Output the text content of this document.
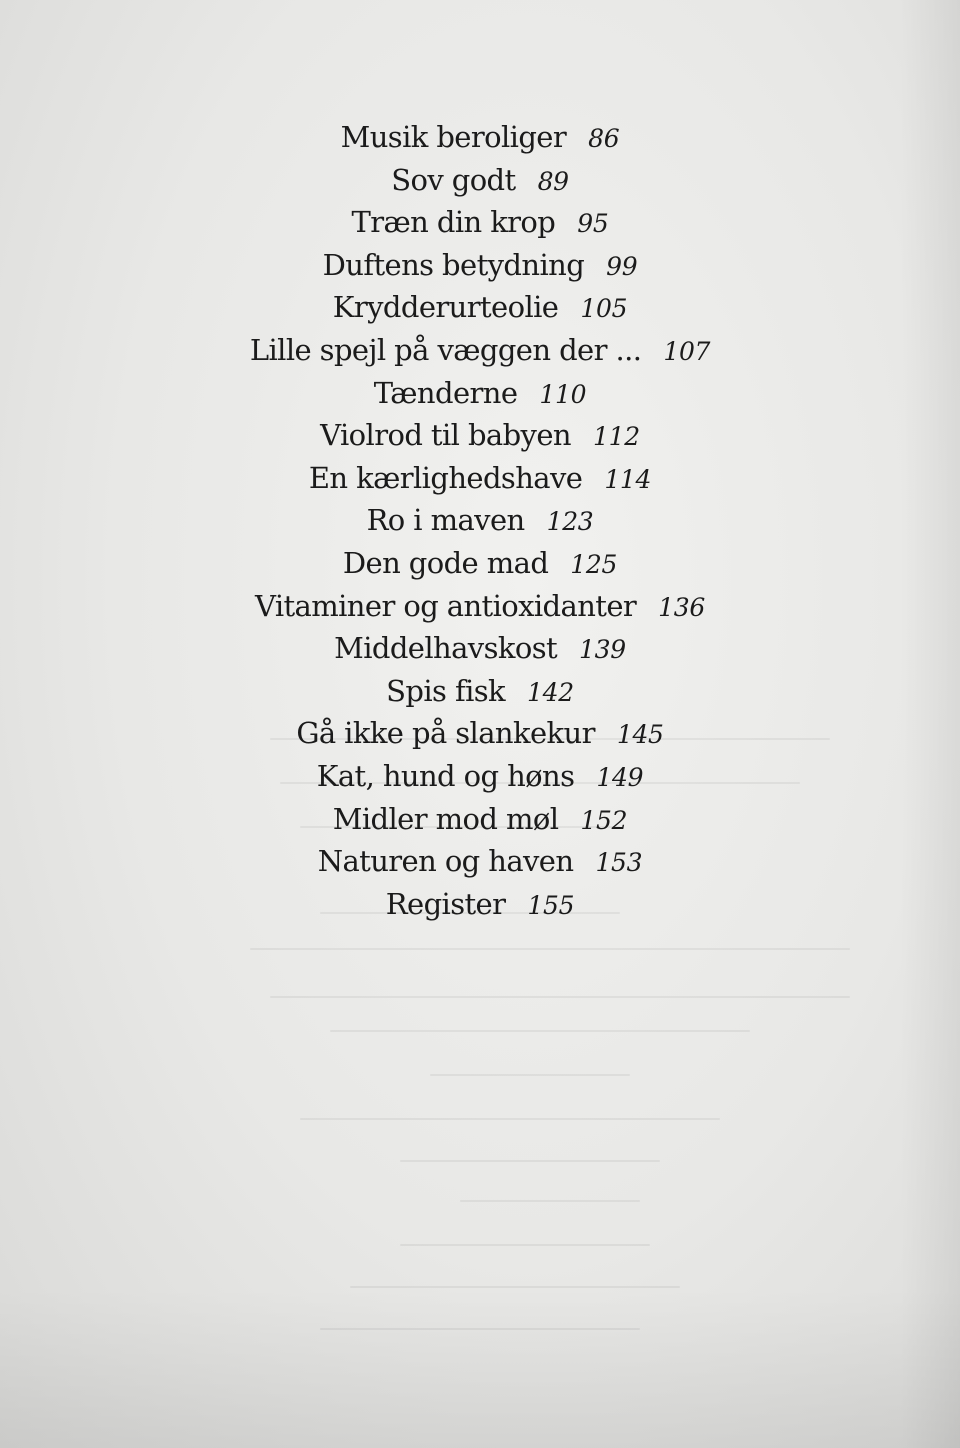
Musik beroliger 86
Sov godt 89
Træn din krop 95
Duftens betydning 99
Krydderurteolie 105
Lille spejl på væggen der ... 107
Tænderne 110
Violrod til babyen 112
En kærlighedshave 114
Ro i maven 123
Den gode mad 125
Vitaminer og antioxidanter 136
Middelhavskost 139
Spis fisk 142
Gå ikke på slankekur 145
Kat, hund og høns 149
Midler mod møl 152
Naturen og haven 153
Register 155
